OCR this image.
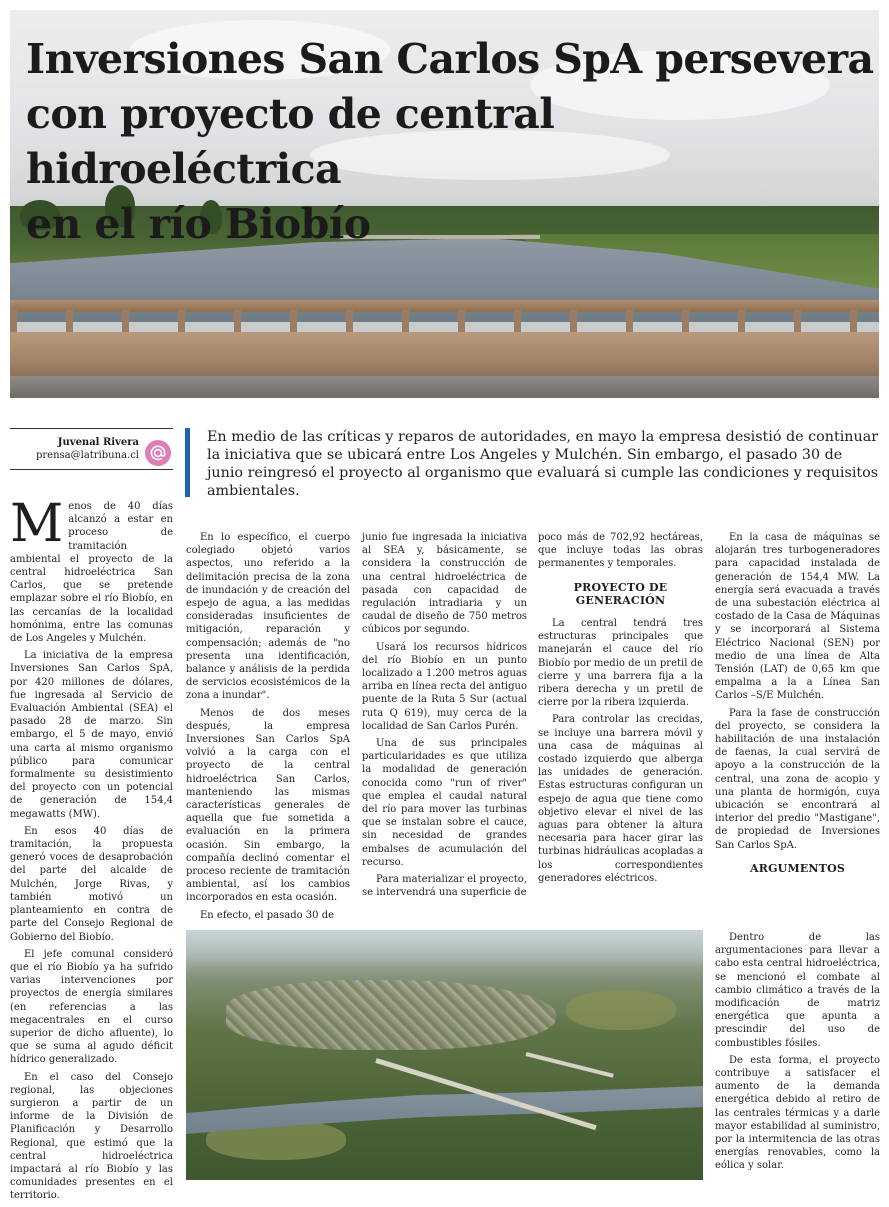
Inversiones San Carlos SpA persevera
con proyecto de central hidroeléctrica
en el río Biobío
Juvenal Rivera
prensa@latribuna.cl

En medio de las críticas y reparos de autoridades, en mayo la empresa desistió de continuar la iniciativa que se ubicará entre Los Angeles y Mulchén. Sin embargo, el pasado 30 de junio reingresó el proyecto al organismo que evaluará si cumple las condiciones y requisitos ambientales.

Menos de 40 días alcanzó a estar en proceso de tramitación ambiental el proyecto de la central hidroeléctrica San Carlos, que se pretende emplazar sobre el río Biobío, en las cercanías de la localidad homónima, entre las comunas de Los Angeles y Mulchén.

La iniciativa de la empresa Inversiones San Carlos SpA, por 420 millones de dólares, fue ingresada al Servicio de Evaluación Ambiental (SEA) el pasado 28 de marzo. Sin embargo, el 5 de mayo, envió una carta al mismo organismo público para comunicar formalmente su desistimiento del proyecto con un potencial de generación de 154,4 megawatts (MW).

En esos 40 días de tramitación, la propuesta generó voces de desaprobación del parte del alcalde de Mulchén, Jorge Rivas, y también motivó un planteamiento en contra de parte del Consejo Regional de Gobierno del Biobío.

El jefe comunal consideró que el río Biobío ya ha sufrido varias intervenciones por proyectos de energía similares (en referencias a las megacentrales en el curso superior de dicho afluente), lo que se suma al agudo déficit hídrico generalizado.

En el caso del Consejo regional, las objeciones surgieron a partir de un informe de la División de Planificación y Desarrollo Regional, que estimó que la central hidroeléctrica impactará al río Biobío y las comunidades presentes en el territorio.

En lo específico, el cuerpo colegiado objetó varios aspectos, uno referido a la delimitación precisa de la zona de inundación y de creación del espejo de agua, a las medidas consideradas insuficientes de mitigación, reparación y compensación; además de "no presenta una identificación, balance y análisis de la perdida de servicios ecosistémicos de la zona a inundar".

Menos de dos meses después, la empresa Inversiones San Carlos SpA volvió a la carga con el proyecto de la central hidroeléctrica San Carlos, manteniendo las mismas características generales de aquella que fue sometida a evaluación en la primera ocasión. Sin embargo, la compañía declinó comentar el proceso reciente de tramitación ambiental, así los cambios incorporados en esta ocasión.

En efecto, el pasado 30 de

junio fue ingresada la iniciativa al SEA y, básicamente, se considera la construcción de una central hidroeléctrica de pasada con capacidad de regulación intradiaria y un caudal de diseño de 750 metros cúbicos por segundo.

Usará los recursos hídricos del río Biobío en un punto localizado a 1.200 metros aguas arriba en línea recta del antiguo puente de la Ruta 5 Sur (actual ruta Q 619), muy cerca de la localidad de San Carlos Purén.

Una de sus principales particularidades es que utiliza la modalidad de generación conocida como "run of river" que emplea el caudal natural del río para mover las turbinas que se instalan sobre el cauce, sin necesidad de grandes embalses de acumulación del recurso.

Para materializar el proyecto, se intervendrá una superficie de

poco más de 702,92 hectáreas, que incluye todas las obras permanentes y temporales.

PROYECTO DE
GENERACIÓN

La central tendrá tres estructuras principales que manejarán el cauce del río Biobío por medio de un pretil de cierre y una barrera fija a la ribera derecha y un pretil de cierre por la ribera izquierda.

Para controlar las crecidas, se incluye una barrera móvil y una casa de máquinas al costado izquierdo que alberga las unidades de generación. Estas estructuras configuran un espejo de agua que tiene como objetivo elevar el nivel de las aguas para obtener la altura necesaria para hacer girar las turbinas hidráulicas acopladas a los correspondientes generadores eléctricos.

En la casa de máquinas se alojarán tres turbogeneradores para capacidad instalada de generación de 154,4 MW. La energía será evacuada a través de una subestación eléctrica al costado de la Casa de Máquinas y se incorporará al Sistema Eléctrico Nacional (SEN) por medio de una línea de Alta Tensión (LAT) de 0,65 km que empalma a la a Línea San Carlos –S/E Mulchén.

Para la fase de construcción del proyecto, se considera la habilitación de una instalación de faenas, la cual servirá de apoyo a la construcción de la central, una zona de acopio y una planta de hormigón, cuya ubicación se encontrará al interior del predio "Mastigane", de propiedad de Inversiones San Carlos SpA.

ARGUMENTOS

Dentro de las argumentaciones para llevar a cabo esta central hidroeléctrica, se mencionó el combate al cambio climático a través de la modificación de matriz energética que apunta a prescindir del uso de combustibles fósiles.

De esta forma, el proyecto contribuye a satisfacer el aumento de la demanda energética debido al retiro de las centrales térmicas y a darle mayor estabilidad al suministro, por la intermitencia de las otras energías renovables, como la eólica y solar.
